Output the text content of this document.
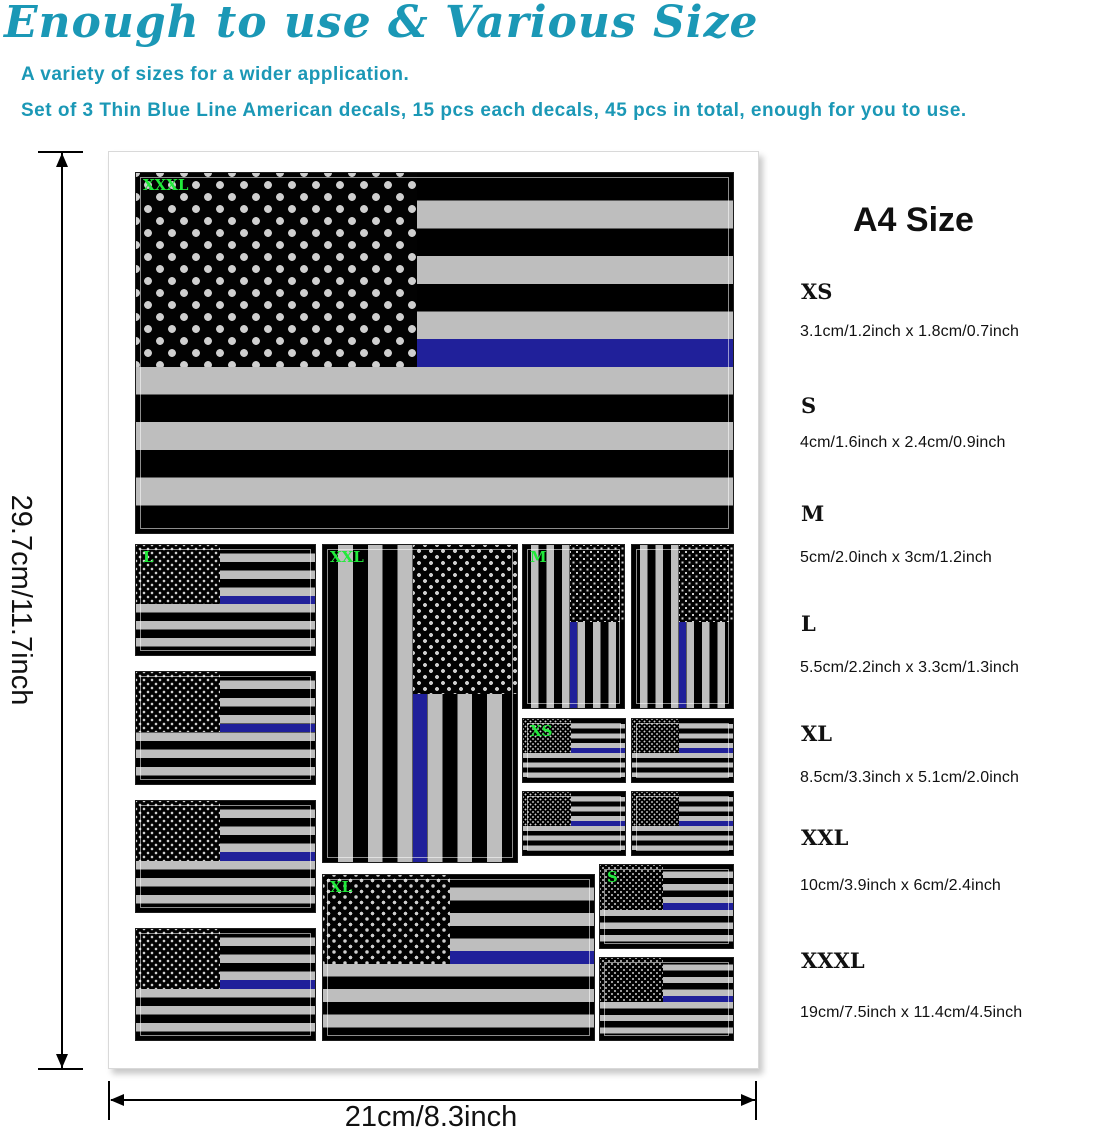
Enough to use & Various Size
A variety of sizes for a wider application.
Set of 3 Thin Blue Line American decals, 15 pcs each decals, 45 pcs in total, enough for you to use.
29.7cm/11.7inch
XXXL
L	XXL	M
XS
XL
S
21cm/8.3inch
A4 Size
XS
3.1cm/1.2inch x 1.8cm/0.7inch
S
4cm/1.6inch x 2.4cm/0.9inch
M
5cm/2.0inch x 3cm/1.2inch
L
5.5cm/2.2inch x 3.3cm/1.3inch
XL
8.5cm/3.3inch x 5.1cm/2.0inch
XXL
10cm/3.9inch x 6cm/2.4inch
XXXL
19cm/7.5inch x 11.4cm/4.5inch
